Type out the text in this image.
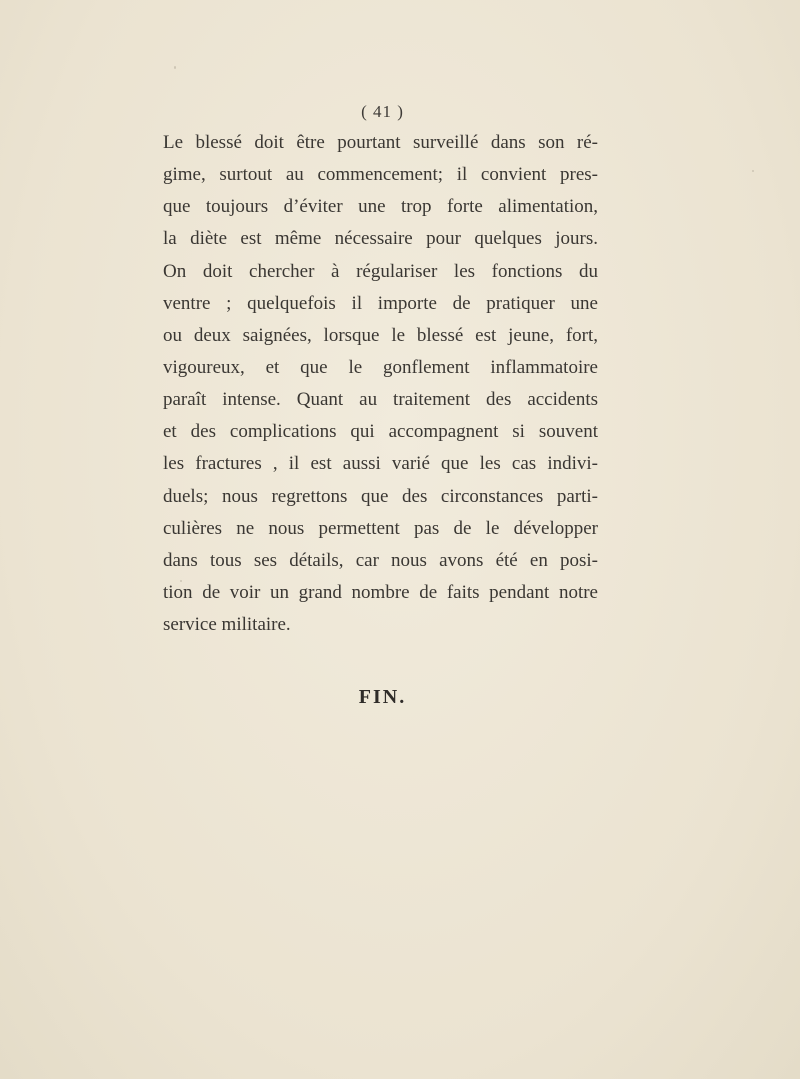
( 41 )
Le blessé doit être pourtant surveillé dans son ré-
gime, surtout au commencement; il convient pres-
que toujours d’éviter une trop forte alimentation,
la diète est même nécessaire pour quelques jours.
On doit chercher à régulariser les fonctions du
ventre ; quelquefois il importe de pratiquer une
ou deux saignées, lorsque le blessé est jeune, fort,
vigoureux, et que le gonflement inflammatoire
paraît intense. Quant au traitement des accidents
et des complications qui accompagnent si souvent
les fractures , il est aussi varié que les cas indivi-
duels; nous regrettons que des circonstances parti-
culières ne nous permettent pas de le développer
dans tous ses détails, car nous avons été en posi-
tion de voir un grand nombre de faits pendant notre
service militaire.
FIN.
